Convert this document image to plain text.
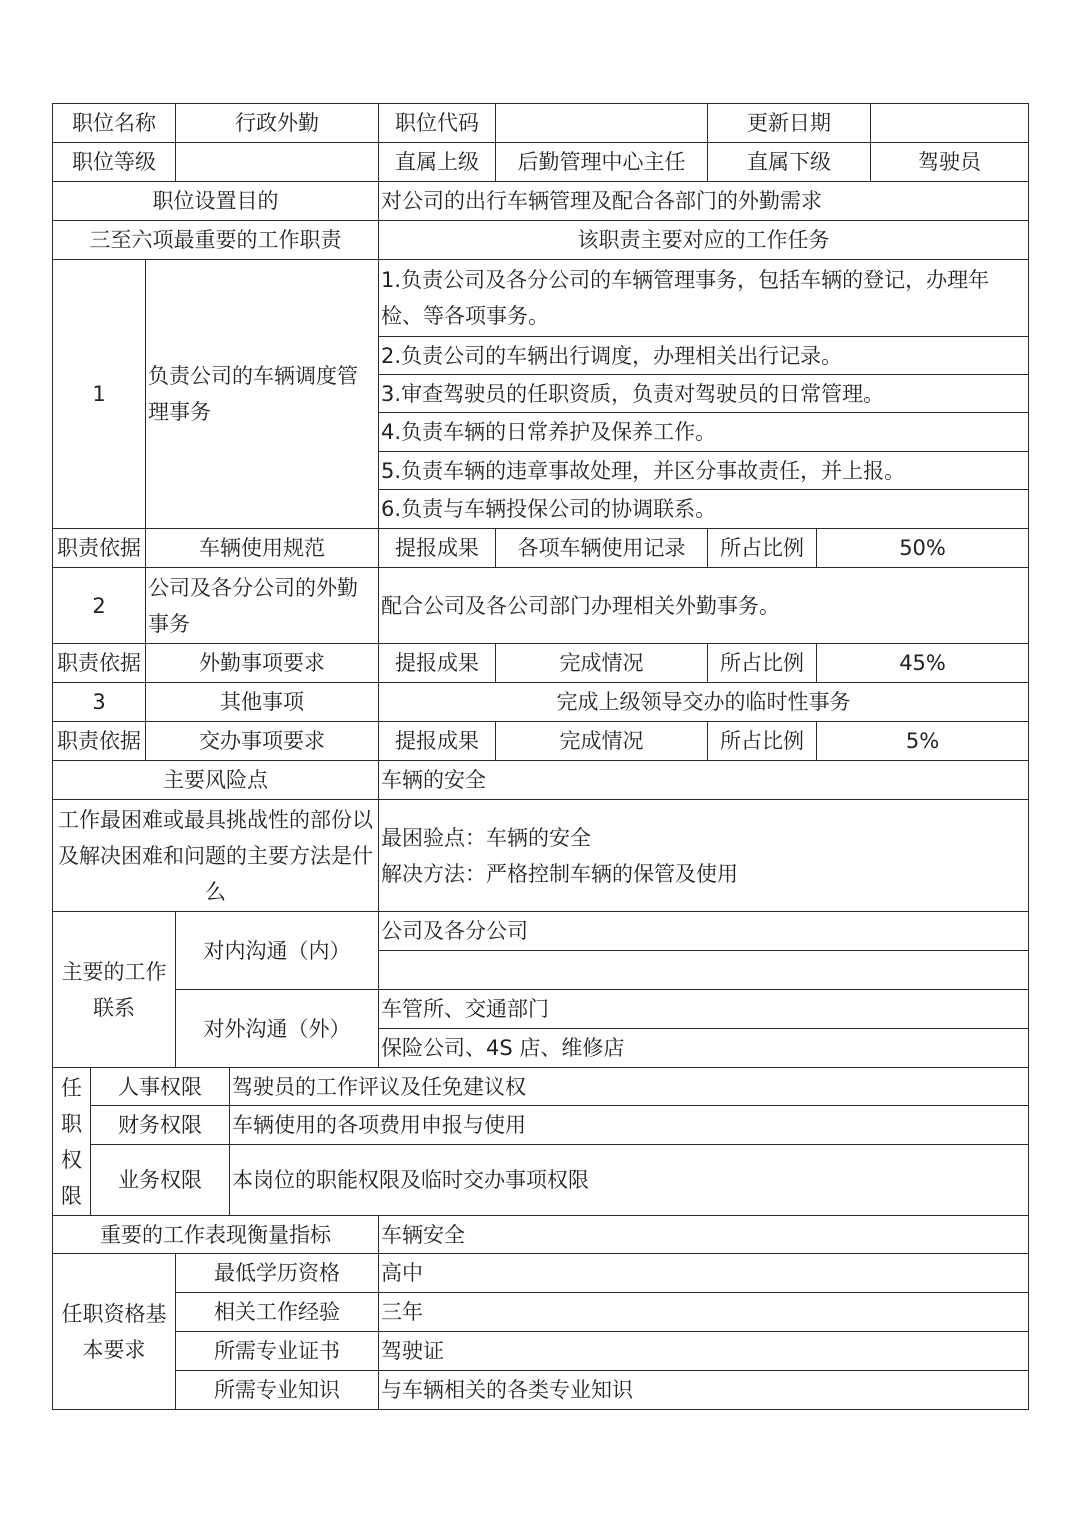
职位名称			行政外勤		职位代码		更新日期		
职位等级					直属上级	后勤管理中心主任	直属下级		驾驶员
职位设置目的					对公司的出行车辆管理及配合各部门的外勤需求				
三至六项最重要的工作职责					该职责主要对应的工作任务				
1		负责公司的车辆调度管理事务			1.负责公司及各分公司的车辆管理事务，包括车辆的登记，办理年检、等各项事务。				
					2.负责公司的车辆出行调度，办理相关出行记录。				
					3.审查驾驶员的任职资质，负责对驾驶员的日常管理。				
					4.负责车辆的日常养护及保养工作。				
					5.负责车辆的违章事故处理，并区分事故责任，并上报。				
					6.负责与车辆投保公司的协调联系。				
职责依据		车辆使用规范			提报成果	各项车辆使用记录	所占比例	50%	
2		公司及各分公司的外勤事务			配合公司及各公司部门办理相关外勤事务。				
职责依据		外勤事项要求			提报成果	完成情况	所占比例	45%	
3		其他事项			完成上级领导交办的临时性事务				
职责依据		交办事项要求			提报成果	完成情况	所占比例	5%	
主要风险点					车辆的安全				
工作最困难或最具挑战性的部份以及解决困难和问题的主要方法是什么					最困验点：车辆的安全
解决方法：严格控制车辆的保管及使用				

主要的工作联系			对内沟通（内）		公司及各分公司				

			对外沟通（外）		车管所、交通部门				
					保险公司、4S 店、维修店				
任职权限	人事权限			驾驶员的工作评议及任免建议权					
	财务权限			车辆使用的各项费用申报与使用					
	业务权限			本岗位的职能权限及临时交办事项权限					
重要的工作表现衡量指标					车辆安全				
任职资格基本要求			最低学历资格		高中				
			相关工作经验		三年				
			所需专业证书		驾驶证				
			所需专业知识		与车辆相关的各类专业知识				
